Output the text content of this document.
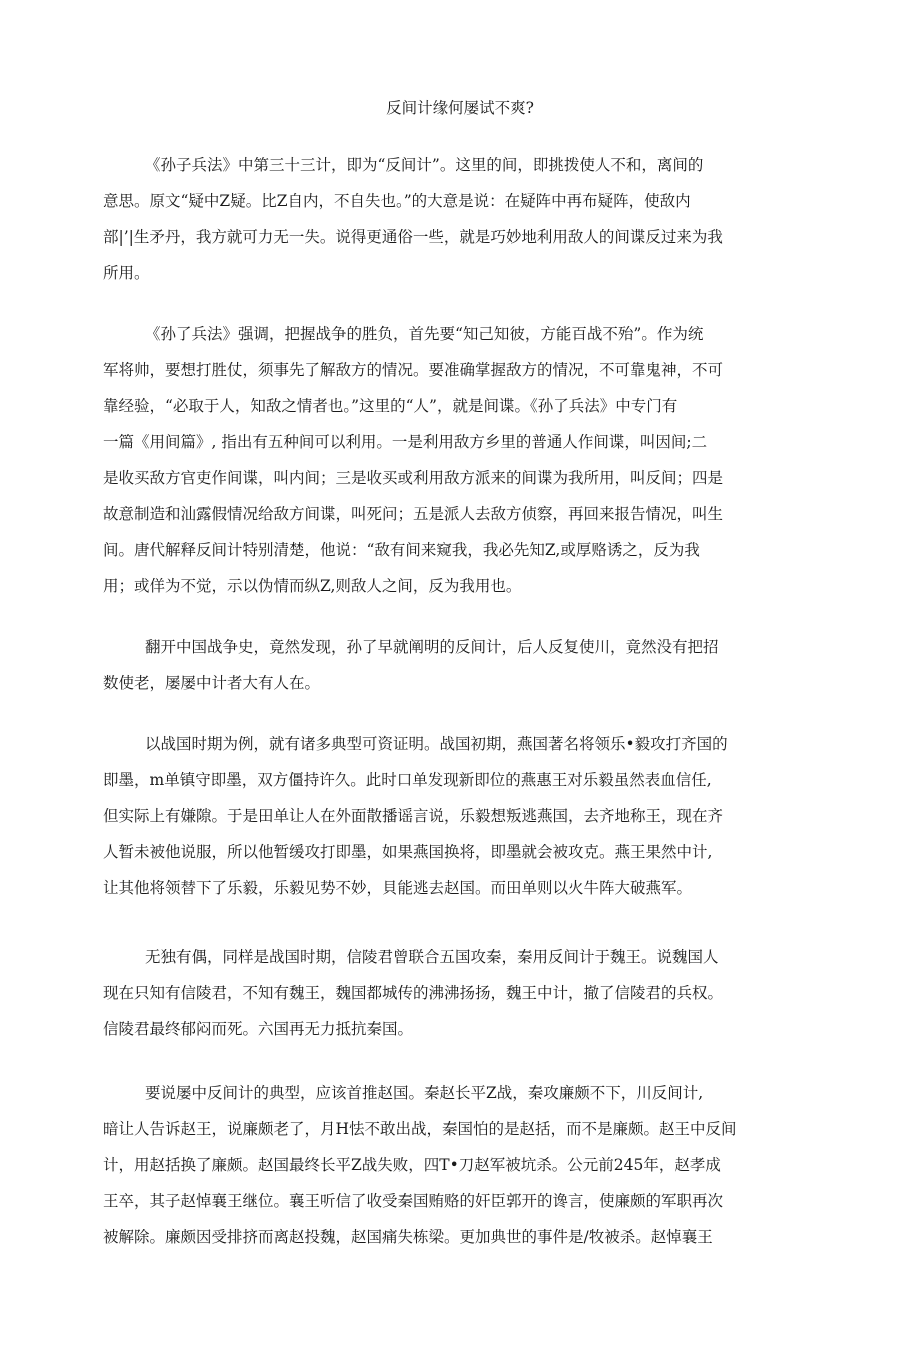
反间计缘何屡试不爽?
《孙子兵法》中第三十三计，即为“反间计”。这里的间，即挑拨使人不和，离间的
意思。原文“疑中Z疑。比Z自内，不自失也。”的大意是说：在疑阵中再布疑阵，使敌内
部|’|生矛丹，我方就可力无一失。说得更通俗一些，就是巧妙地利用敌人的间谍反过来为我
所用。
《孙了兵法》强调，把握战争的胜负，首先要“知己知彼，方能百战不殆”。作为统
军将帅，要想打胜仗，须事先了解敌方的情况。要准确掌握敌方的情况，不可靠鬼神，不可
靠经验，“必取于人，知敌之情者也。”这里的“人”，就是间谍。《孙了兵法》中专门有
一篇《用间篇》, 指出有五种间可以利用。一是利用敌方乡里的普通人作间谍，叫因间;二
是收买敌方官吏作间谍，叫内间；三是收买或利用敌方派来的间谍为我所用，叫反间；四是
故意制造和汕露假情况给敌方间谍，叫死问；五是派人去敌方侦察，再回来报告情况，叫生
间。唐代解释反间计特别清楚，他说：“敌有间来窥我，我必先知Z,或厚赂诱之，反为我
用；或佯为不觉，示以伪情而纵Z,则敌人之间，反为我用也。
翻开中国战争史，竟然发现，孙了早就阐明的反间计，后人反复使川，竟然没有把招
数使老，屡屡中计者大有人在。
以战国时期为例，就有诸多典型可资证明。战国初期，燕国著名将领乐•毅攻打齐国的
即墨，m单镇守即墨，双方僵持许久。此时口单发现新即位的燕惠王对乐毅虽然表血信任,
但实际上有嫌隙。于是田单让人在外面散播谣言说，乐毅想叛逃燕国，去齐地称王，现在齐
人暂未被他说服，所以他暂缓攻打即墨，如果燕国换将，即墨就会被攻克。燕王果然中计,
让其他将领替下了乐毅，乐毅见势不妙，貝能逃去赵国。而田单则以火牛阵大破燕军。
无独有偶，同样是战国时期，信陵君曾联合五国攻秦，秦用反间计于魏王。说魏国人
现在只知有信陵君，不知有魏王，魏国都城传的沸沸扬扬，魏王中计，撤了信陵君的兵权。
信陵君最终郁闷而死。六国再无力抵抗秦国。
要说屡中反间计的典型，应该首推赵国。秦赵长平Z战，秦攻廉颇不下，川反间计,
暗让人告诉赵王，说廉颇老了，月H怯不敢出战，秦国怕的是赵括，而不是廉颇。赵王中反间
计，用赵括换了廉颇。赵国最终长平Z战失败，四T•刀赵军被坑杀。公元前245年，赵孝成
王卒，其子赵悼襄王继位。襄王听信了收受秦国贿赂的奸臣郭开的谗言，使廉颇的军职再次
被解除。廉颇因受排挤而离赵投魏，赵国痛失栋梁。更加典世的事件是/牧被杀。赵悼襄王
